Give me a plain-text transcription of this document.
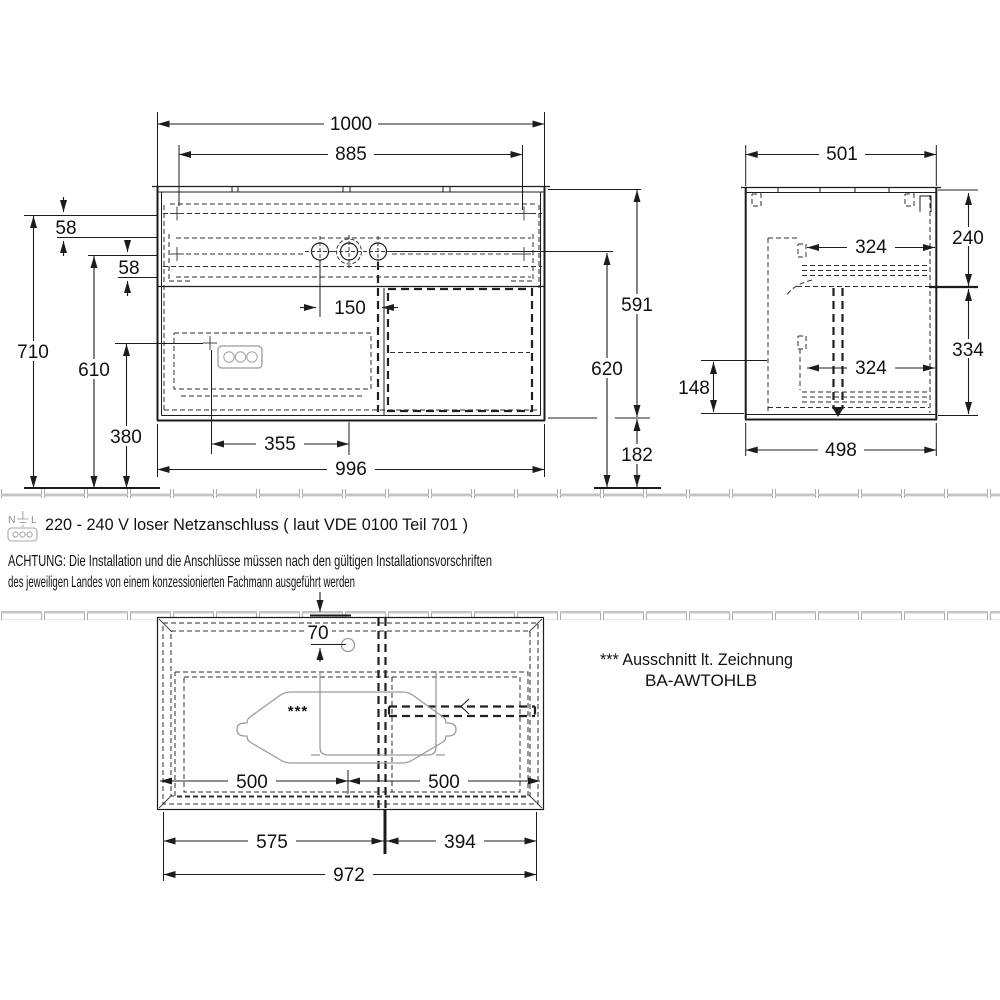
1000
885
58
58
710
610
380
150
355
996
591
620
182
501
240
324
324
334
148
498
N L 220 - 240 V loser Netzanschluss ( laut VDE 0100 Teil 701 )
ACHTUNG: Die Installation und die Anschlüsse müssen nach den gültigen Installationsvorschriften
des jeweiligen Landes von einem konzessionierten Fachmann ausgeführt werden
*** Ausschnitt lt. Zeichnung
BA-AWTOHLB
***
70
500	500
575	394
972
